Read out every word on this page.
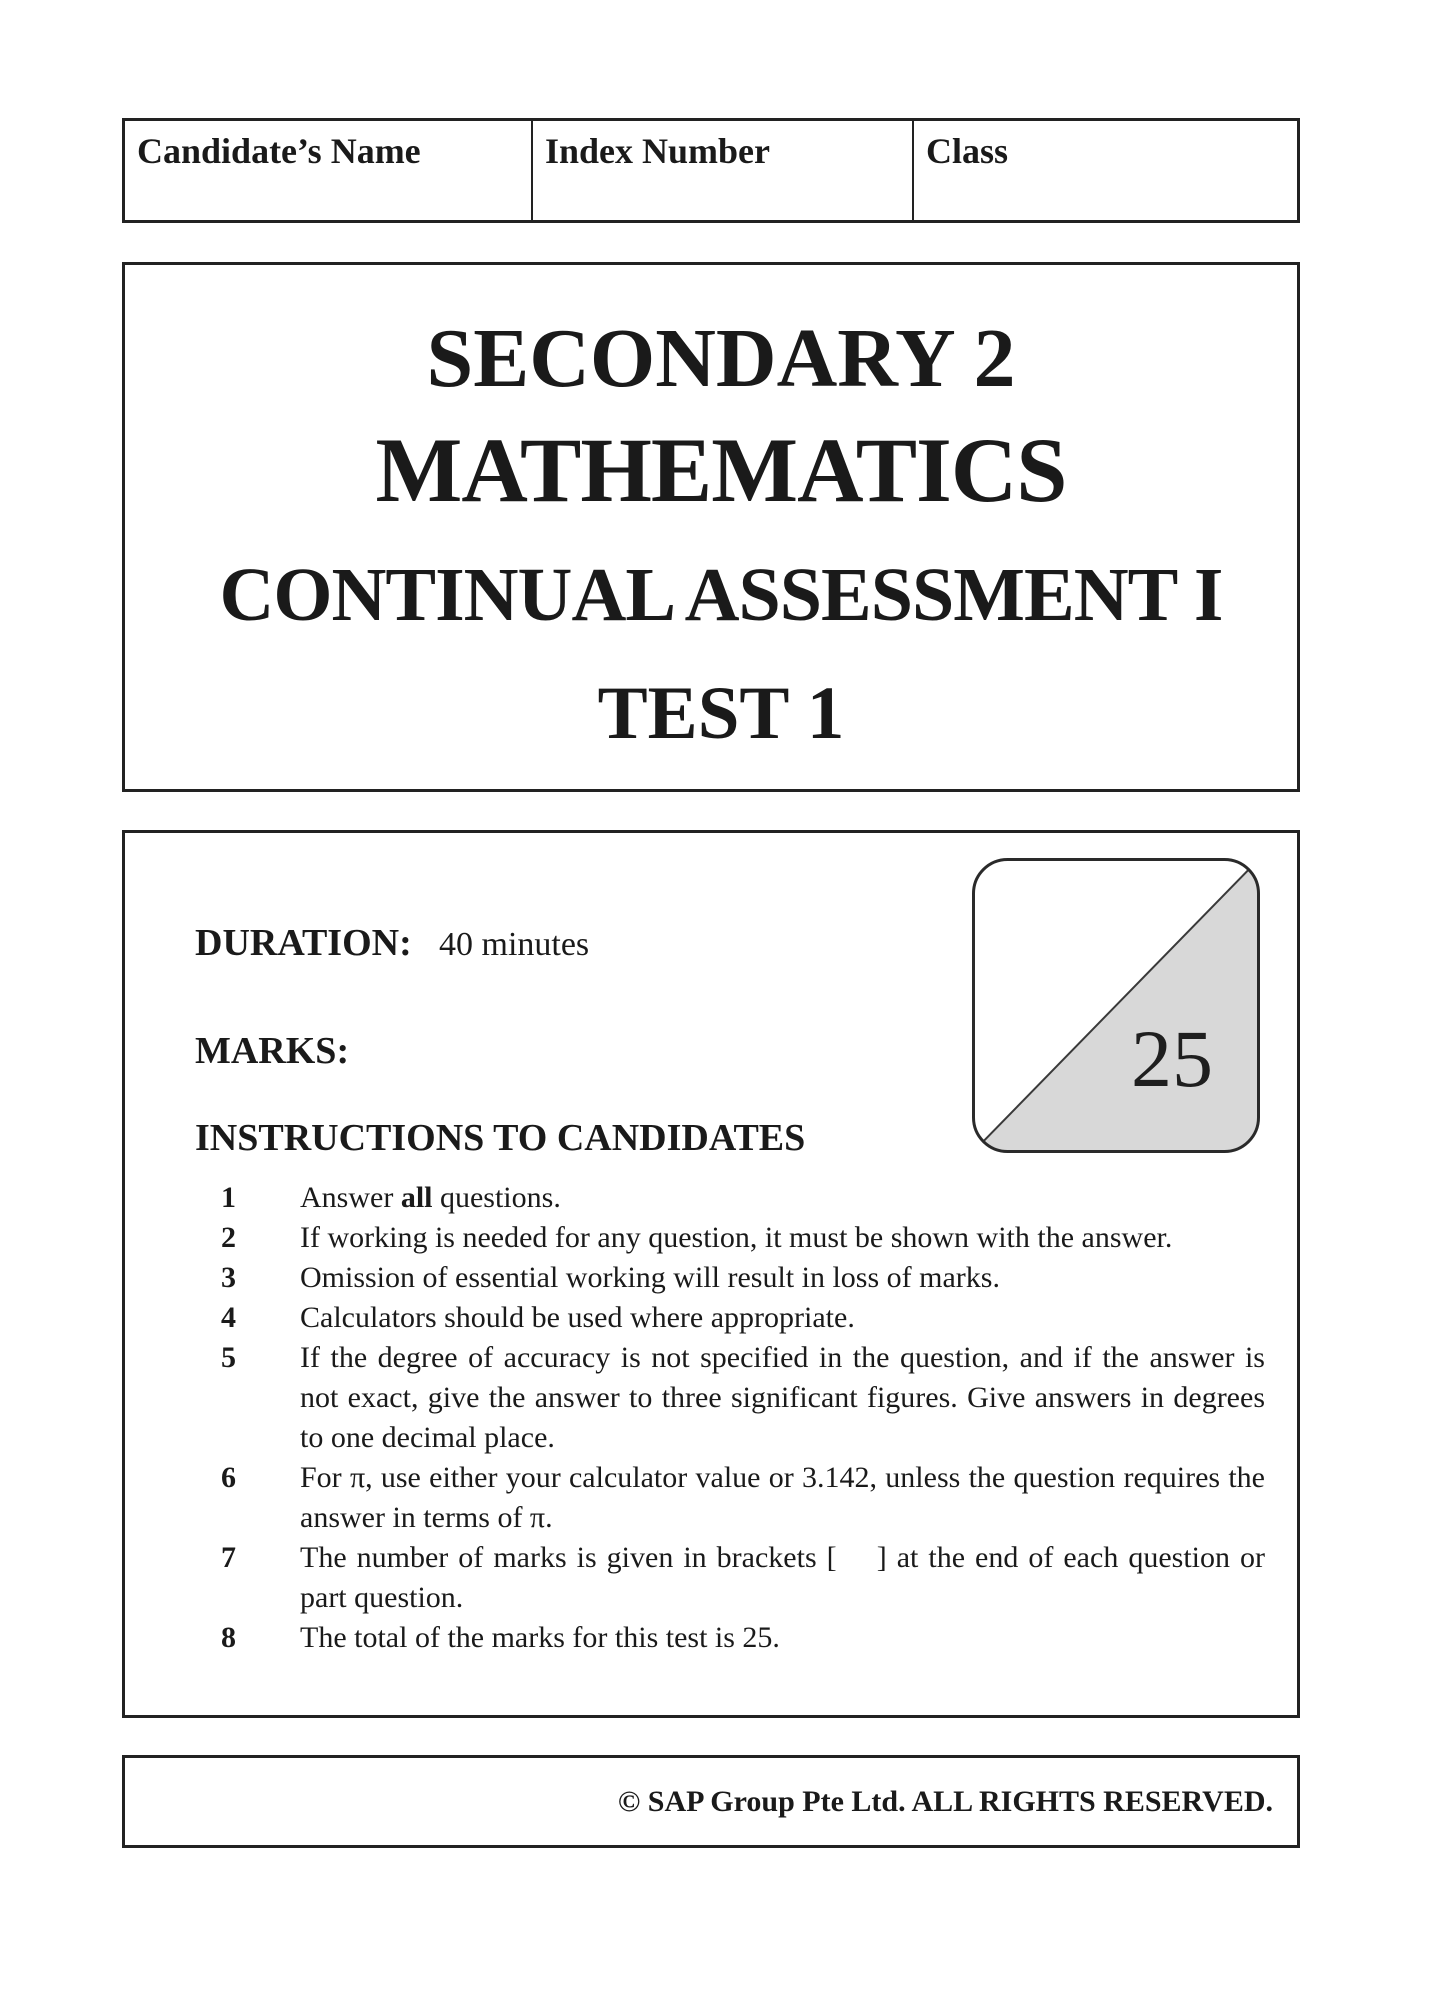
Candidate’s Name	Index Number	Class
SECONDARY 2
MATHEMATICS
CONTINUAL ASSESSMENT I
TEST 1
DURATION: 40 minutes
MARKS:	25
INSTRUCTIONS TO CANDIDATES
1	Answer all questions.
2	If working is needed for any question, it must be shown with the answer.
3	Omission of essential working will result in loss of marks.
4	Calculators should be used where appropriate.
5	If the degree of accuracy is not specified in the question, and if the answer is not exact, give the answer to three significant figures. Give answers in degrees to one decimal place.
6	For π, use either your calculator value or 3.142, unless the question requires the answer in terms of π.
7	The number of marks is given in brackets [    ] at the end of each question or part question.
8	The total of the marks for this test is 25.
© SAP Group Pte Ltd. ALL RIGHTS RESERVED.
